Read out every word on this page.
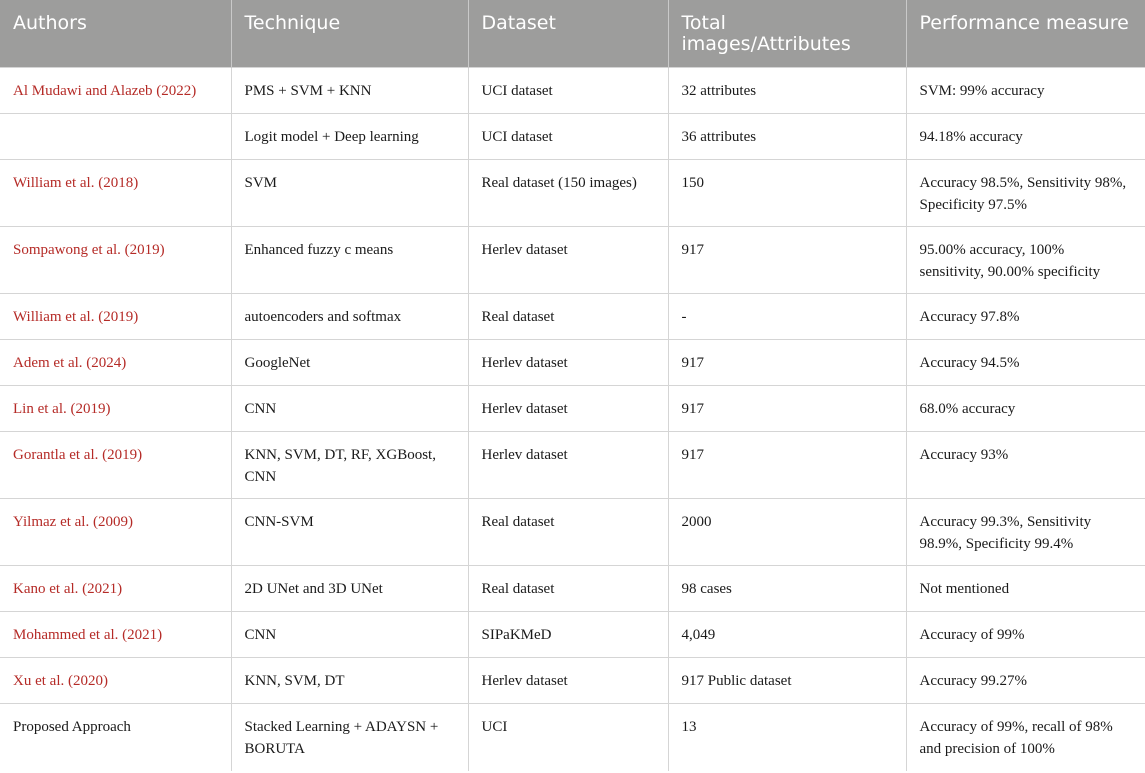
Authors	Technique	Dataset	Total images/Attributes	Performance measure
Al Mudawi and Alazeb (2022)	PMS + SVM + KNN	UCI dataset	32 attributes	SVM: 99% accuracy
	Logit model + Deep learning	UCI dataset	36 attributes	94.18% accuracy
William et al. (2018)	SVM	Real dataset (150 images)	150	Accuracy 98.5%, Sensitivity 98%, Specificity 97.5%
Sompawong et al. (2019)	Enhanced fuzzy c means	Herlev dataset	917	95.00% accuracy, 100% sensitivity, 90.00% specificity
William et al. (2019)	autoencoders and softmax	Real dataset	-	Accuracy 97.8%
Adem et al. (2024)	GoogleNet	Herlev dataset	917	Accuracy 94.5%
Lin et al. (2019)	CNN	Herlev dataset	917	68.0% accuracy
Gorantla et al. (2019)	KNN, SVM, DT, RF, XGBoost, CNN	Herlev dataset	917	Accuracy 93%
Yilmaz et al. (2009)	CNN-SVM	Real dataset	2000	Accuracy 99.3%, Sensitivity 98.9%, Specificity 99.4%
Kano et al. (2021)	2D UNet and 3D UNet	Real dataset	98 cases	Not mentioned
Mohammed et al. (2021)	CNN	SIPaKMeD	4,049	Accuracy of 99%
Xu et al. (2020)	KNN, SVM, DT	Herlev dataset	917 Public dataset	Accuracy 99.27%
Proposed Approach	Stacked Learning + ADAYSN + BORUTA	UCI	13	Accuracy of 99%, recall of 98% and precision of 100%
